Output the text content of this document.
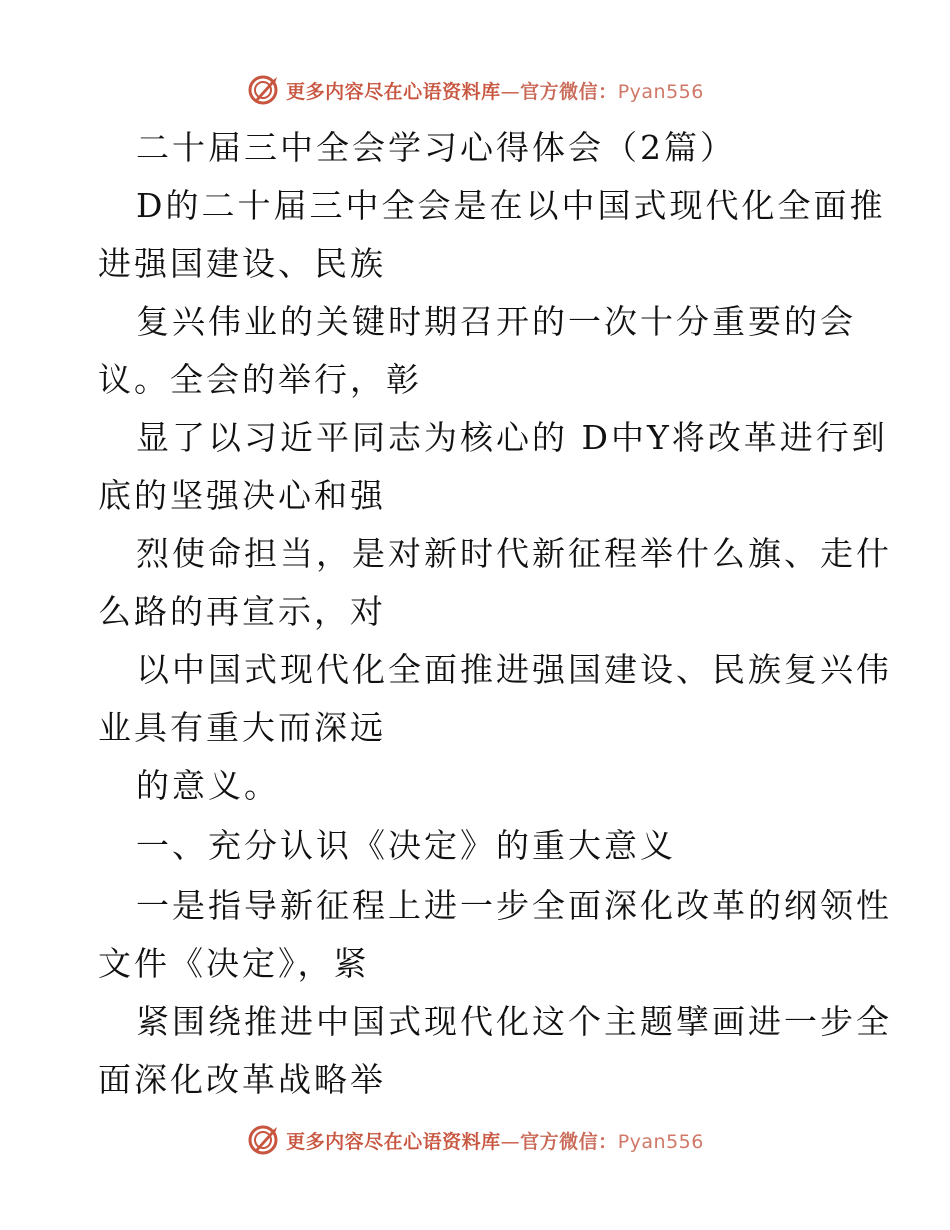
更多内容尽在心语资料库—官方微信：Pyan556
二十届三中全会学习心得体会（2篇）
D的二十届三中全会是在以中国式现代化全面推
进强国建设、民族
复兴伟业的关键时期召开的一次十分重要的会
议。全会的举行，彰
显了以习近平同志为核心的 D中Y将改革进行到
底的坚强决心和强
烈使命担当，是对新时代新征程举什么旗、走什
么路的再宣示，对
以中国式现代化全面推进强国建设、民族复兴伟
业具有重大而深远
的意义。
一、充分认识《决定》的重大意义
一是指导新征程上进一步全面深化改革的纲领性
文件《决定》，紧
紧围绕推进中国式现代化这个主题擘画进一步全
面深化改革战略举
更多内容尽在心语资料库—官方微信：Pyan556
